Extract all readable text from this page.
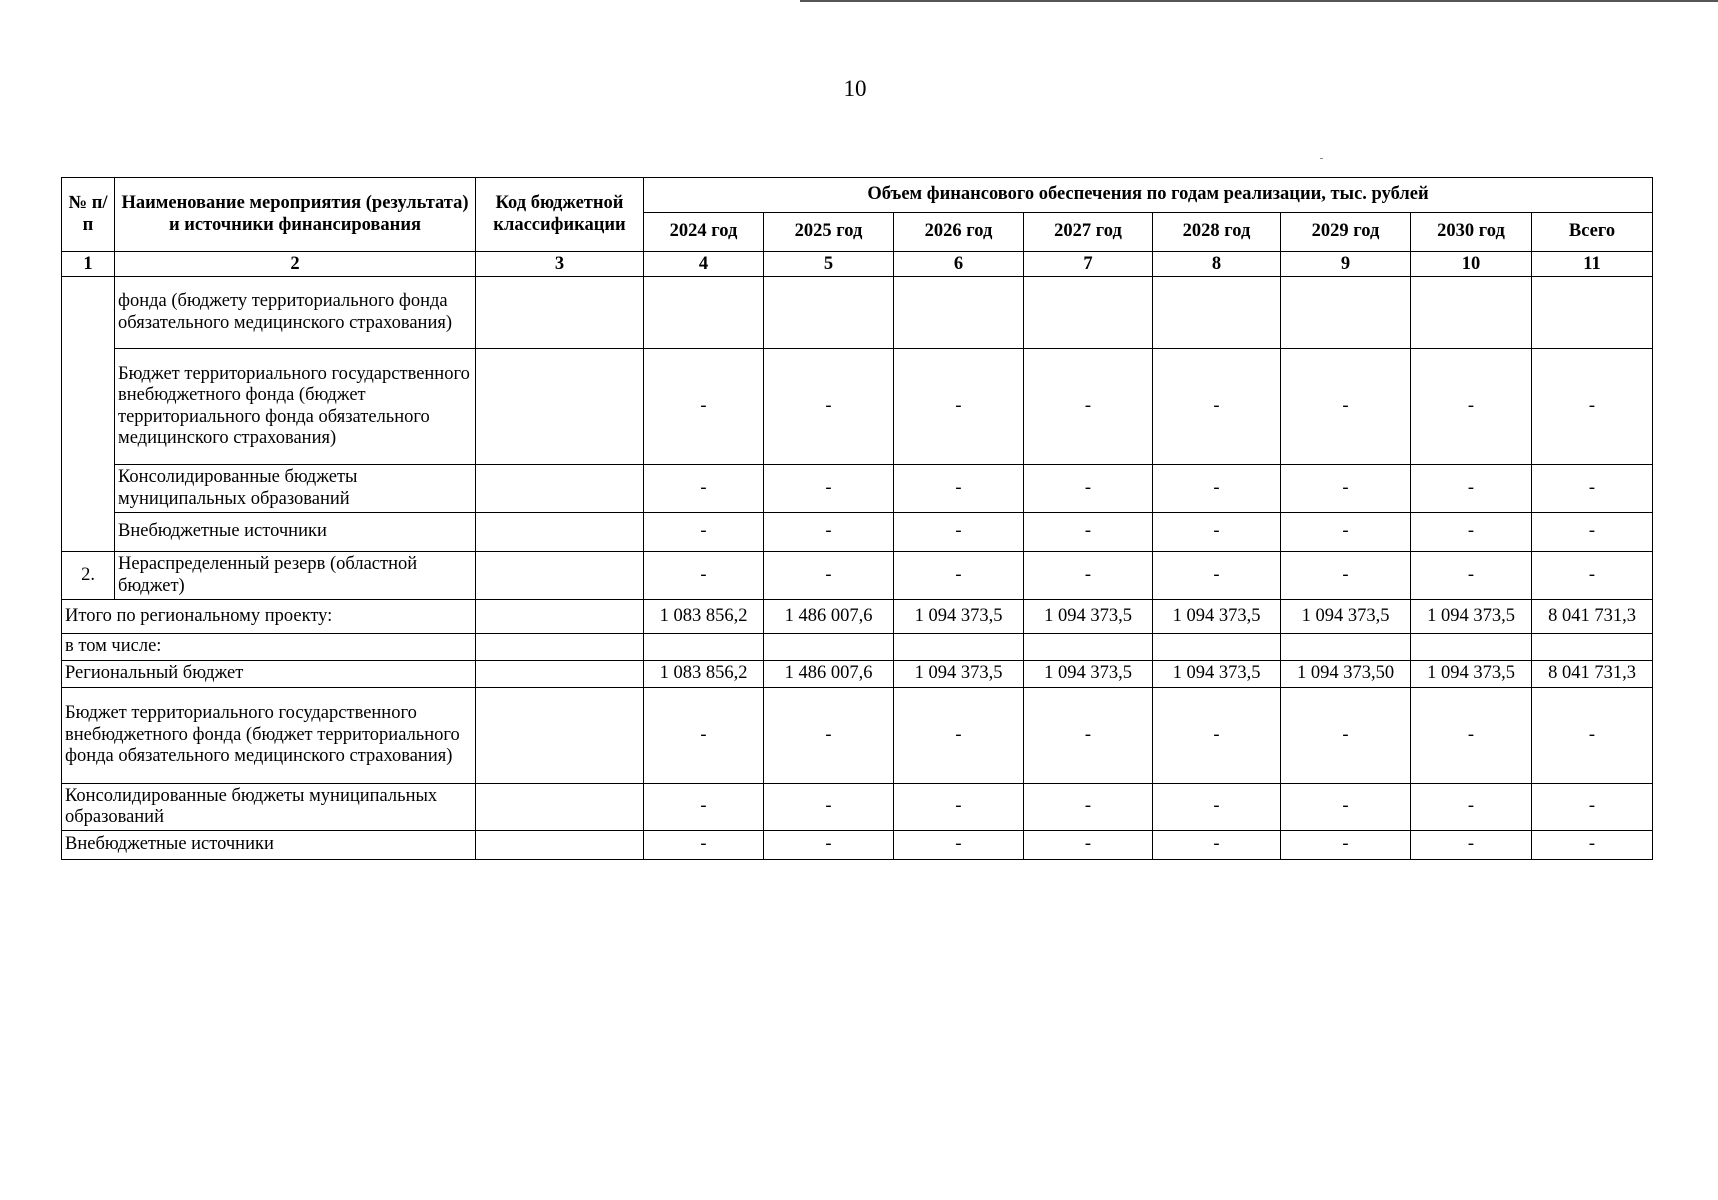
10
№ п/п	Наименование мероприятия (результата) и источники финансирования	Код бюджетной классификации	Объем финансового обеспечения по годам реализации, тыс. рублей							
			2024 год	2025 год	2026 год	2027 год	2028 год	2029 год	2030 год	Всего
1	2	3	4	5	6	7	8	9	10	11
	фонда (бюджету территориального фонда обязательного медицинского страхования)									
	Бюджет территориального государственного внебюджетного фонда (бюджет территориального фонда обязательного медицинского страхования)		-	-	-	-	-	-	-	-
	Консолидированные бюджеты муниципальных образований		-	-	-	-	-	-	-	-
	Внебюджетные источники		-	-	-	-	-	-	-	-
2.	Нераспределенный резерв (областной бюджет)		-	-	-	-	-	-	-	-
Итого по региональному проекту:			1 083 856,2	1 486 007,6	1 094 373,5	1 094 373,5	1 094 373,5	1 094 373,5	1 094 373,5	8 041 731,3
в том числе:										
Региональный бюджет			1 083 856,2	1 486 007,6	1 094 373,5	1 094 373,5	1 094 373,5	1 094 373,50	1 094 373,5	8 041 731,3
Бюджет территориального государственного внебюджетного фонда (бюджет территориального фонда обязательного медицинского страхования)			-	-	-	-	-	-	-	-
Консолидированные бюджеты муниципальных образований			-	-	-	-	-	-	-	-
Внебюджетные источники			-	-	-	-	-	-	-	-
